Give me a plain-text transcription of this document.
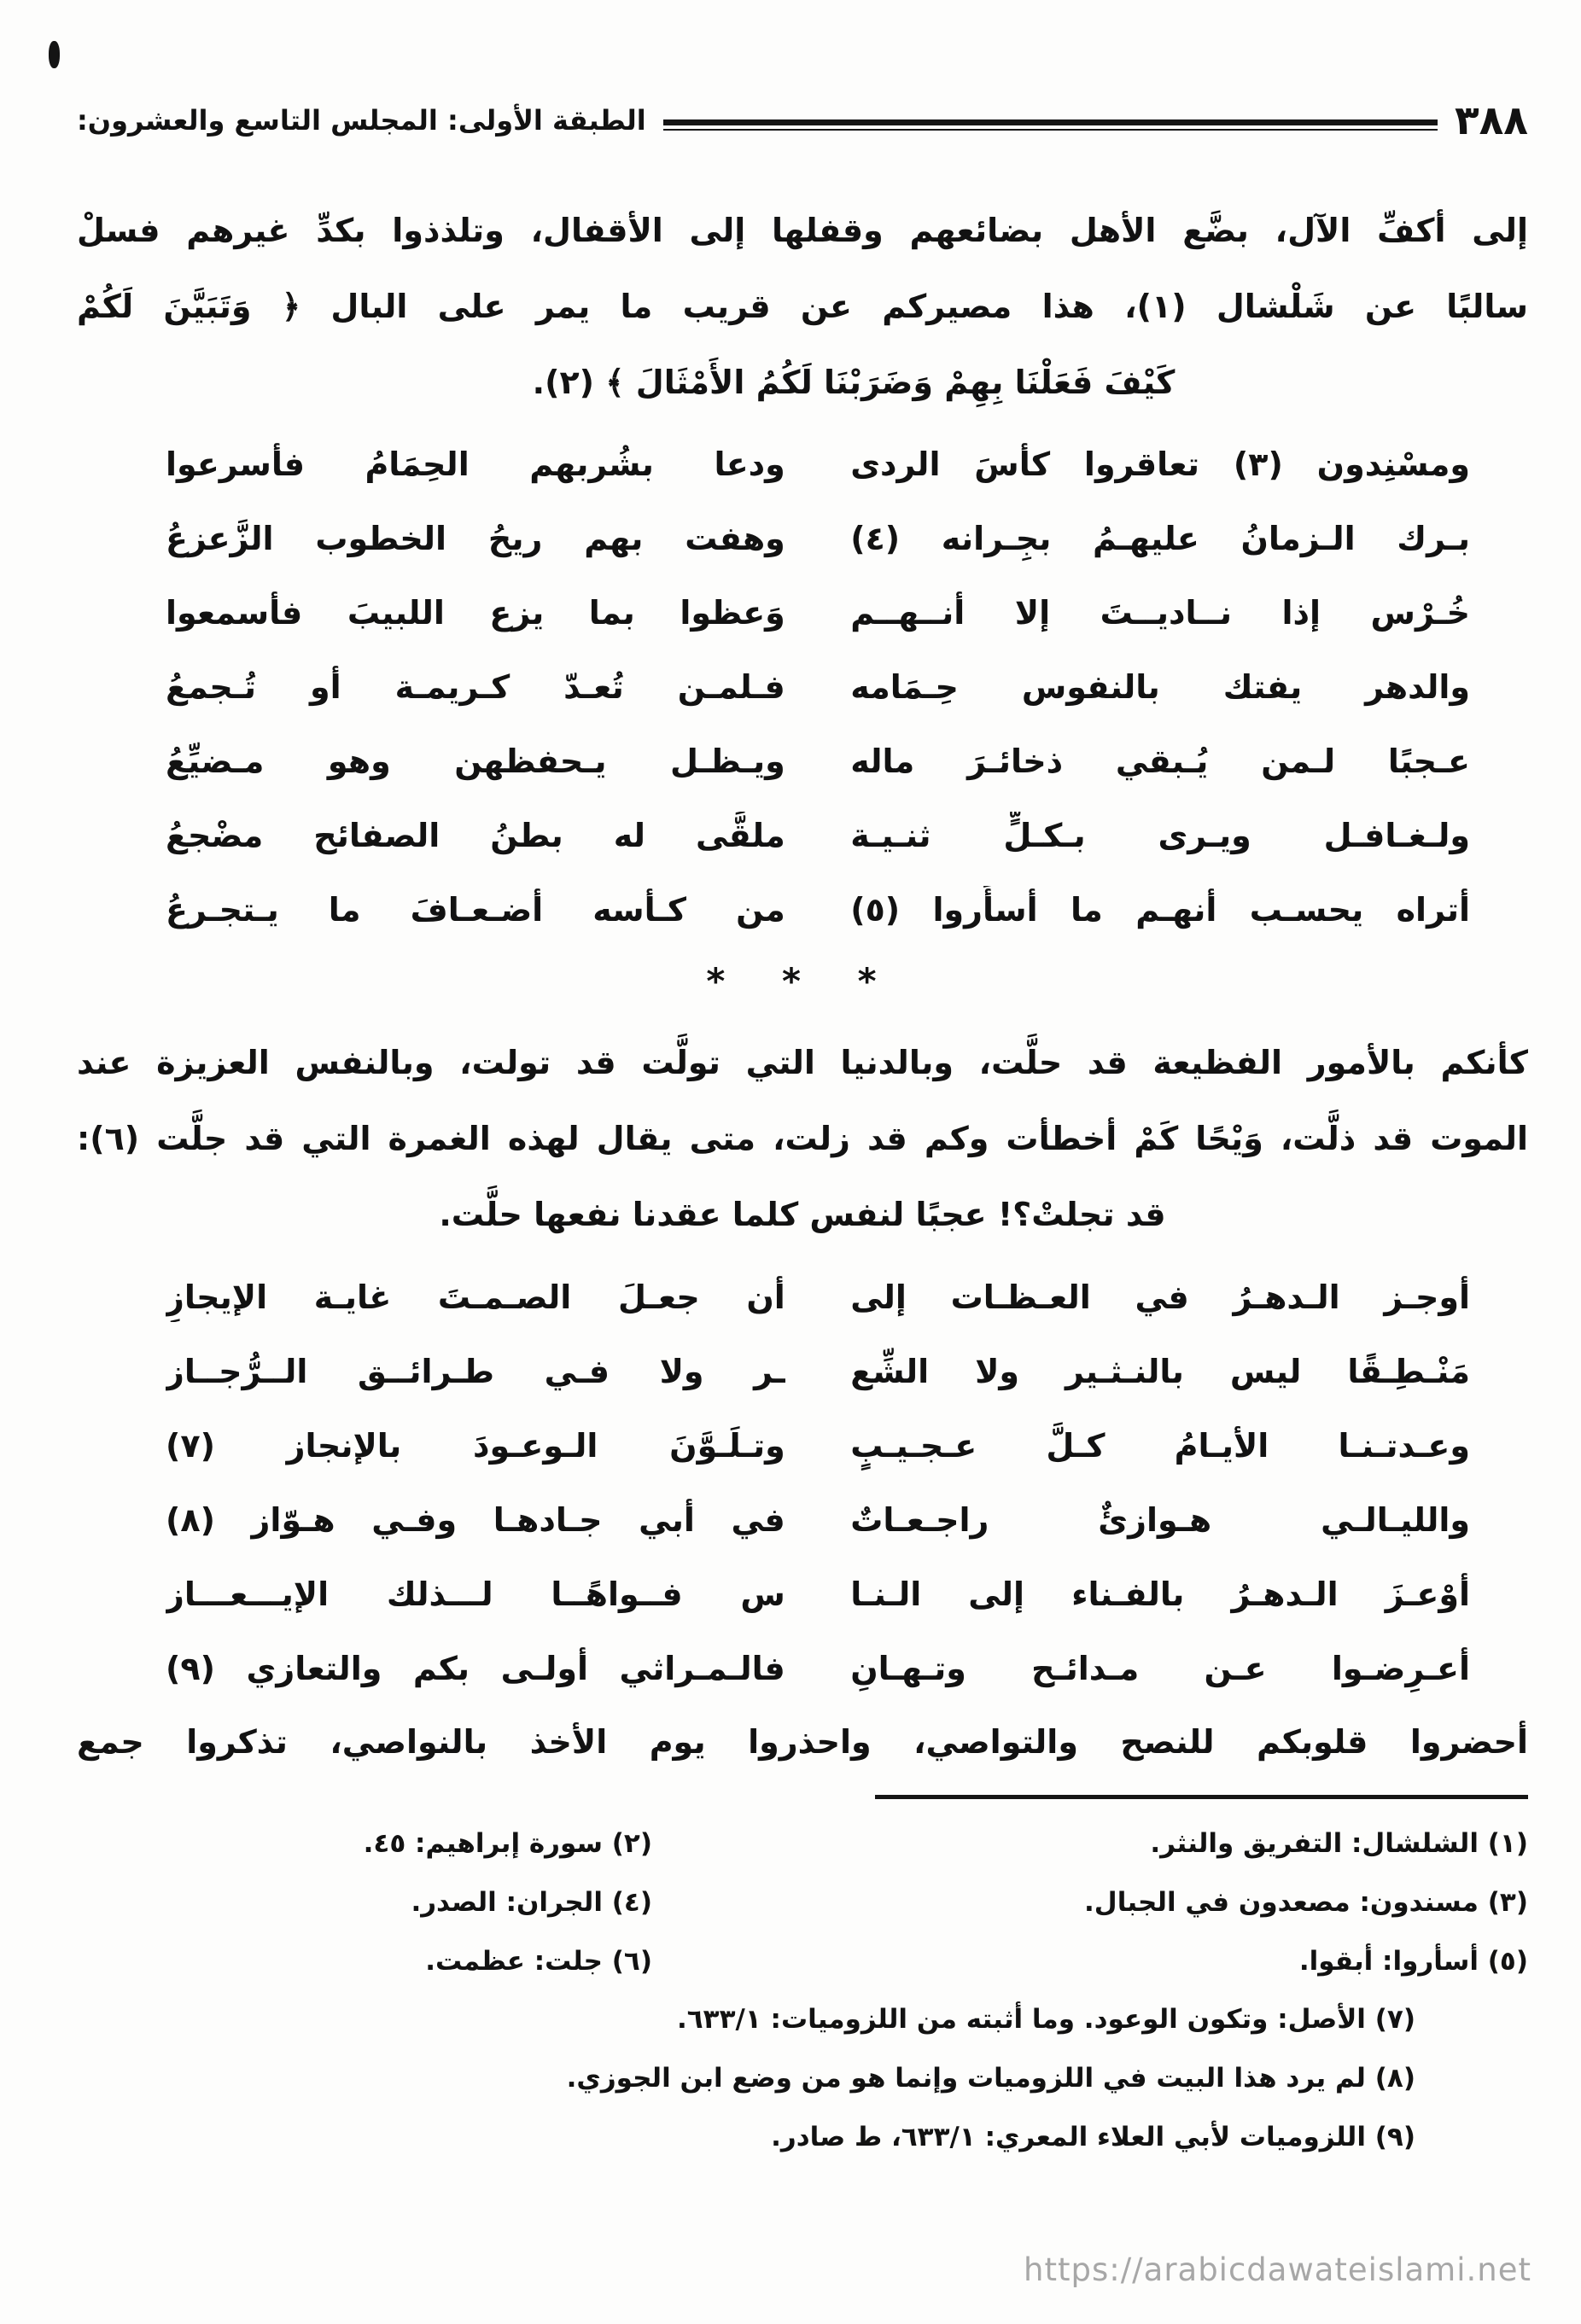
٣٨٨
الطبقة الأولى: المجلس التاسع والعشرون:
إلى أكفِّ الآل، بضَّع الأهل بضائعهم وقفلها إلى الأقفال، وتلذذوا بكدِّ غيرهم فسلْ
سالبًا عن شَلْشال (١)، هذا مصيركم عن قريب ما يمر على البال ﴿ وَتَبَيَّنَ لَكُمْ
كَيْفَ فَعَلْنَا بِهِمْ وَضَرَبْنَا لَكُمُ الأَمْثَالَ ﴾ (٢).
ومسْنِدون (٣) تعاقروا كأسَ الردى
ودعا بشُربهم الحِمَامُ فأسرعوا
بـرك الـزمانُ عليهـمُ بجِـرانه (٤)
وهفت بهم ريحُ الخطوب الزَّعزعُ
خُـرْس إذا نــاديــتَ إلا أنــهــم
وَعظوا بما يزع اللبيبَ فأسمعوا
والدهر يفتك بالنفوس حِـمَامه
فـلمـن تُعـدّ كـريمـة أو تُـجمعُ
عـجبًا لـمن يُـبقي ذخائـرَ ماله
ويـظـل يـحفظهن وهو مـضيِّعُ
ولـغـافـل ويـرى بـكـلٍّ ثنـيـة
ملقًّى له بطنُ الصفائح مضْجعُ
أتراه يحسـب أنهـم ما أسأَروا (٥)
من كـأسه أضـعـافَ ما يـتجـرعُ
* * *
كأنكم بالأمور الفظيعة قد حلَّت، وبالدنيا التي تولَّت قد تولت، وبالنفس العزيزة عند
الموت قد ذلَّت، وَيْحًا كَمْ أخطأت وكم قد زلت، متى يقال لهذه الغمرة التي قد جلَّت (٦):
قد تجلتْ؟! عجبًا لنفس كلما عقدنا نفعها حلَّت.
أوجـز الـدهـرُ في العـظـات إلى
أن جعـلَ الصـمـتَ غايـة الإيجازِ
مَنْـطِـقًا ليس بالنـثـير ولا الشِّع
ـر ولا فـي طـرائــق الــرُّجــاز
وعـدتـنـا الأيـامُ كـلَّ عـجـيـبٍ
وتـلَـوَّنَ الـوعـودَ بالإنجاز (٧)
والليـالـي هـوازئٌ راجـعـاتٌ
في أبي جـادهـا وفـي هـوّاز (٨)
أوْعـزَ الـدهـرُ بالفـناء إلى الـنـا
س فــواهًــا لـــذلك الإيـــعـــاز
أعـرِضـوا عـن مـدائـح وتـهـانِ
فالـمـراثي أولـى بكم والتعازي (٩)
أحضروا قلوبكم للنصح والتواصي، واحذروا يوم الأخذ بالنواصي، تذكروا جمع
(١) الشلشال: التفريق والنثر.
(٢) سورة إبراهيم: ٤٥.
(٣) مسندون: مصعدون في الجبال.
(٤) الجران: الصدر.
(٥) أسأروا: أبقوا.
(٦) جلت: عظمت.
(٧) الأصل: وتكون الوعود. وما أثبته من اللزوميات: ٦٣٣/١.
(٨) لم يرد هذا البيت في اللزوميات وإنما هو من وضع ابن الجوزي.
(٩) اللزوميات لأبي العلاء المعري: ٦٣٣/١، ط صادر.
https://arabicdawateislami.net
